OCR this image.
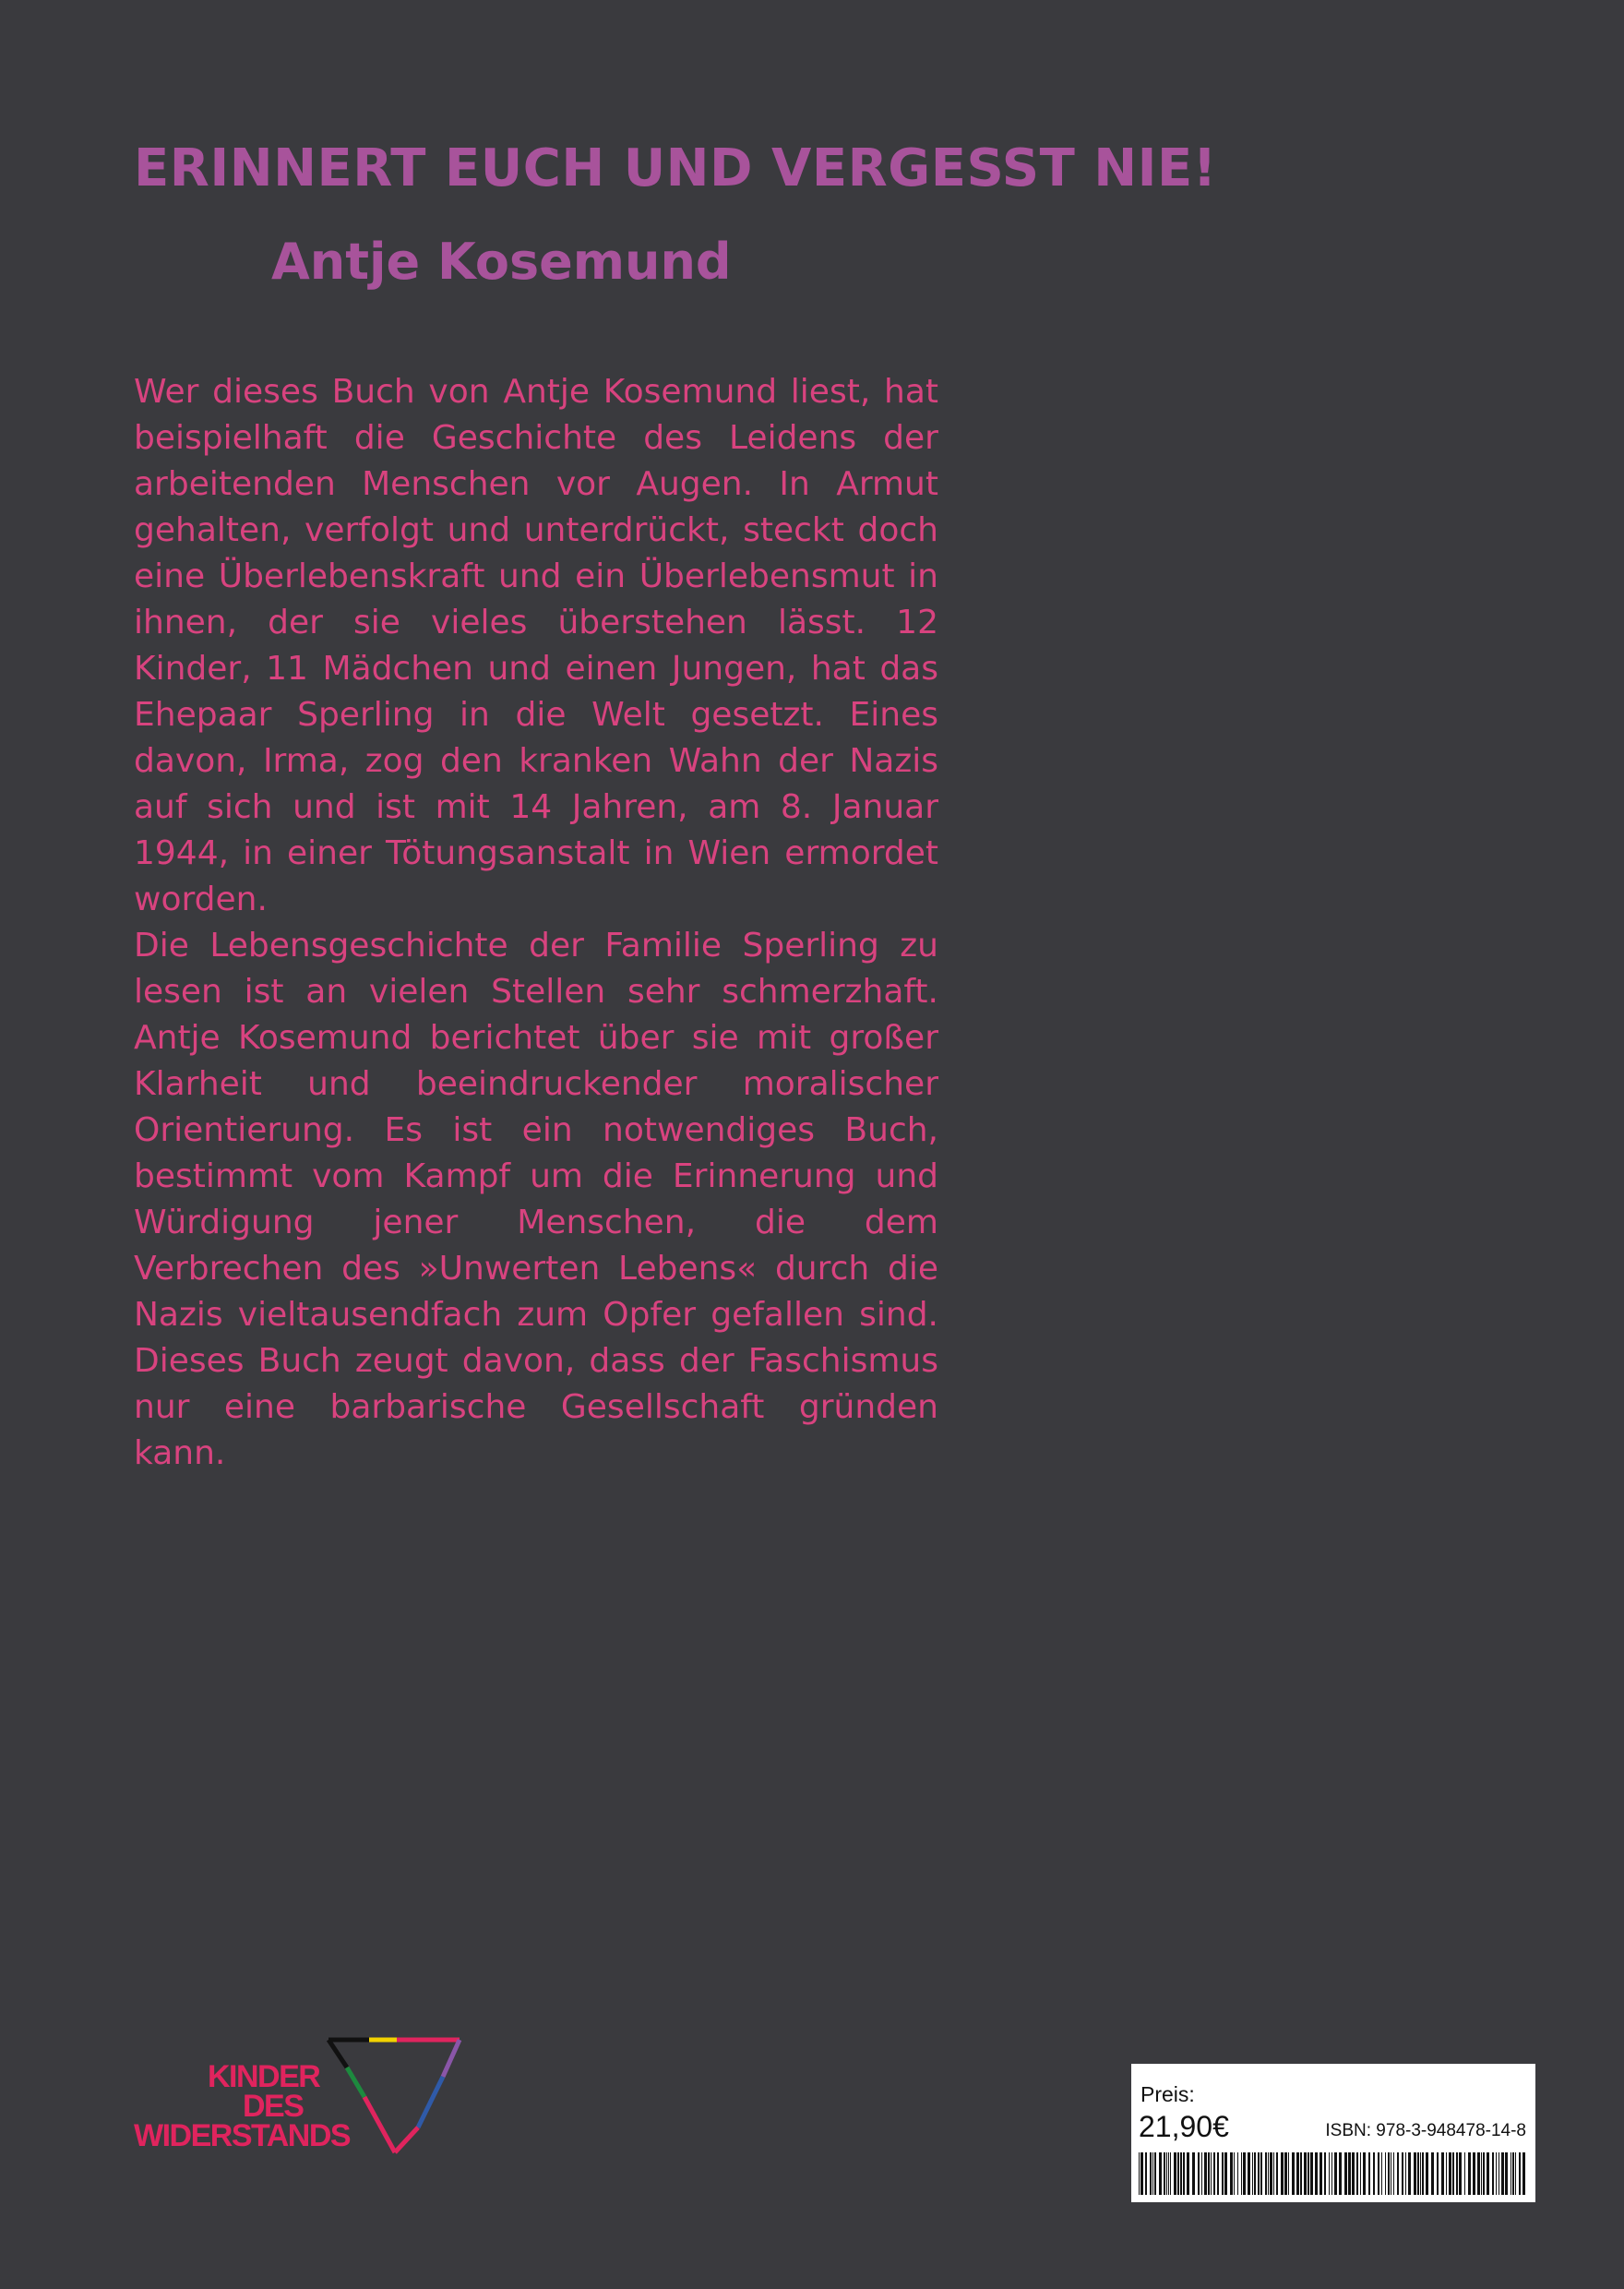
ERINNERT EUCH UND VERGESST NIE!
Antje Kosemund

Wer dieses Buch von Antje Kosemund liest, hat beispielhaft die Geschichte des Leidens der arbeitenden Menschen vor Augen. In Armut gehalten, verfolgt und unterdrückt, steckt doch eine Überlebenskraft und ein Überlebensmut in ihnen, der sie vieles überstehen lässt. 12 Kinder, 11 Mädchen und einen Jungen, hat das Ehepaar Sperling in die Welt gesetzt. Eines davon, Irma, zog den kranken Wahn der Nazis auf sich und ist mit 14 Jahren, am 8. Januar 1944, in einer Tötungsanstalt in Wien ermordet worden.

Die Lebensgeschichte der Familie Sperling zu lesen ist an vielen Stellen sehr schmerzhaft. Antje Kosemund berichtet über sie mit großer Klarheit und beeindruckender moralischer Orientierung. Es ist ein notwendiges Buch, bestimmt vom Kampf um die Erinnerung und Würdigung jener Menschen, die dem Verbrechen des »Unwerten Lebens« durch die Nazis vieltausendfach zum Opfer gefallen sind. Dieses Buch zeugt davon, dass der Faschismus nur eine barbarische Gesellschaft gründen kann.

KINDER
DES
WIDERSTANDS
Preis:
21,90€	ISBN: 978-3-948478-14-8
